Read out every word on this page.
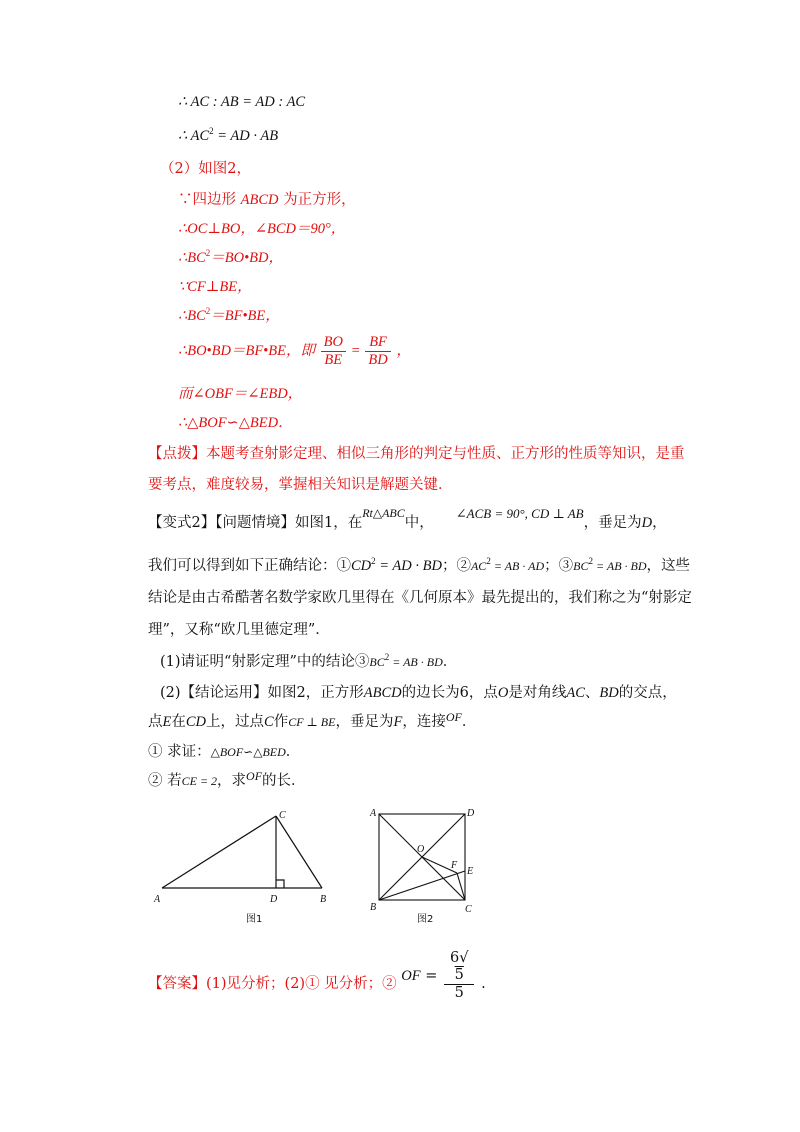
∴ AC : AB = AD : AC
∴ $AC^2$ = AD · AB
（2）如图2，
∵四边形 ABCD 为正方形，
∴OC⊥BO，∠BCD＝90°，
$\therefore BC^2=BO•BD$，
∵CF⊥BE，
$\therefore BC^2=BF•BE$，
∴BO•BD＝BF•BE，即 $\frac{BO}{BE} = \frac{BF}{BD}$ ，
而∠OBF＝∠EBD，
∴△BOF∽△BED．
【点拨】本题考查射影定理、相似三角形的判定与性质、正方形的性质等知识，是重
要考点，难度较易，掌握相关知识是解题关键．
【变式2】【问题情境】如图1，在$^{Rt\triangle ABC}$中，∠ACB = 90°, CD ⊥ AB，垂足为D，
我们可以得到如下正确结论：$①CD^2$ = AD · BD；$②AC^2$ = AB · AD；$③BC^2$ = AB · BD，这些
结论是由古希酷著名数学家欧几里得在《几何原本》最先提出的，我们称之为“射影定
理”，又称“欧几里德定理”．
(1)请证明“射影定理”中的结论$③BC^2$ = AB · BD．
(2)【结论运用】如图2，正方形ABCD的边长为6，点O是对角线AC、BD的交点，
点E在CD上，过点C作CF ⊥ BE，垂足为F，连接$^{OF}$．
① 求证：△BOF∽△BED．
② 若CE = 2，求$^{OF}$的长．
A	B
C
D
图1
A
B	C
D
O
F
E
图2
【答案】(1)见分析；(2)① 见分析；② OF = 6√
5
5 .
